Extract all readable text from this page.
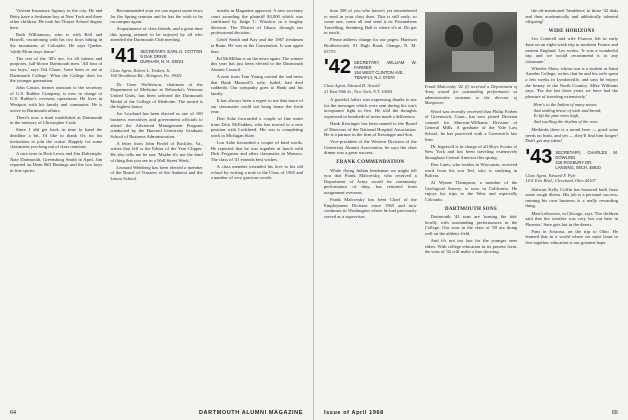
Vincent Insurance Agency in the city. He and Betty have a freshman boy at New York and three other children. He took his Thayer School degree here.

Ruth Williamson, who is with Bell and Howell, vacationing with his two boys hiking in the mountains of Colorado. He says Quebec 'while Mom stays home.'

The rest of the '40's are, for all intents and purposes, full-blown Dartmouth men. 'All four of our boys,' says Ted Chase, 'have been or are at Dartmouth College.' What the College does for the younger generation.

John Cassin, former assistant to the secretary of U.S. Rubber Company, is now in charge of U.S. Rubber's overseas operations. He lives in Westport with his family and commutes. He is active in Dartmouth affairs.

There's now a fund established at Dartmouth in the memory of Christopher Cook.

Since I did get back in time to hand the deadline a bit, I'd like to thank Ox for his invitations to join the cruise. Happily for some classmates you long out of class reunions.

A nice note in Rich Lewis and Jim Dalrymple, Nate Dartmouth, Greensburg Smith in April. Jim reported on Dean Bill Hastings and the two boys in fine spirits.

Recommended your we can expect some news for the Spring reunion and he has the wish to be on campus again.

Acquaintance of class friends, and a great time this spring seemed to be enjoyed by all who attended the Dartmouth Club meeting.

'41 SECRETARY, EARL H. COTTON
9 OAK DRIVE
DURHAM, N. H. 03824
Class Agent, Robert L. Timken, Jr.
160 Woodlawn Rd., Abington, Pa. 19001

Dr. Gene Wolfenson, chairman of the Department of Medicine at Nebraska's Veterans United Units, has been selected the Dartmouth Medal of the College of Medicine. The award is the highest honor.

Joe Lowland has been elected as one of 100 business executives and government officials to attend the Advanced Management Program conducted by the Harvard University Graduate School of Business Administration.

A letter from John Fiedel of Rockley, Va., writes that Jeff is the Editor of the Year Clipper. He also tells me he saw 'Maybe it's not the kind of thing that you see in a Wall Street Week.'

Leonard Weinberg has been elected a member of the Board of Trustees of the Amherst and the Lenox School.

tweaks in Magazine approval. A new secretary court awarding the plaintiff $3,000 which was confirmed by Judge C. Winslow in a lengthy decision. The District of Ithaca, through our professional decision.

Geoff Smith and Kay and the 1967 freshmen at Bonn. He was at the Convention. It was again here.

Ed McMillan is on the news again. The winner this year has just been elected to the Dartmouth Alumni Council.

A note from Tom Young carried the sad news that Hank Manwell's wife, Isabel, had died suddenly. Our sympathy goes to Hank and his family.

It has always been a regret to me that more of our classmates could not bring home the fresh year.

Don Ashe forwarded a couple of fine notes from Dick McFadden, who has moved to a new position with Lockheed. His son is completing work in Michigan State.

Lou Ashe forwarded a couple of kind words. He reported that he was together at lunch with Dick Ferguson and other classmates in Monaco. The class of '41 extends best wishes.

A class member extended his love to his old school by writing a note to the Class of 1965 and a number of very gracious words.

64	DARTMOUTH ALUMNI MAGAZINE

than 300 of you who haven't yet remembered to send in your class dues. This is still early, so come one, come all and send it in. Prometheus Travelling, Steinberg Hall is where it's at. Do get in touch.

Please address change for our pages: Harrison Brotherworth, 91 High Road, Orange, N. M. 03755.

'42 SECRETARY, WILLIAM W. FARMER
194 WEST CLINTON AVE.
TENAFLY, N.J. 07670
Class Agent, Edward H. Arnold
21 East 94th St., New York, N.Y. 10004

A grateful father was expressing thanks to me for the messages which were sent during his son's acceptance fight to live. He told the thoughts expressed in hundreds of notes made a difference.

Hank Kessinger has been named to the Board of Directors of the National Hospital Association. He is a partner in the firm of Kessinger and Son.

Vice-president of the Western Division of the University Alumni Association, he says the class dinner was a great success.

FRANK COMMENDATION

While flying Indian headsman we might tell you that Frank Malcovsky, who received a Department of Army award for community performance of duty, has returned from assignment overseas.

Frank Malcovsky has been Chief of the Employment Division since 1965 and now continues in Washington where he had previously served as a supervisor.

Frank Malcovsky '42 (l) received a Department of Army award for outstanding performance as administrative assistant to the director of Manpower.

Word was recently received that Philip Forbes of Greenwich, Conn., has now joined Division counsel for Sherwin-Williams Division of General Mills. A graduate of the Yale Law School, he has practiced with a Greenwich law firm.

Dr. Ingersoll is in charge of all Boys Scouts of New York and has been traveling extensively throughout Central America this spring.

Don Cates, who resides in Wisconsin, received word from his son Ted, who is studying in Bolivia.

Al Wynne Thompson, a member of the Geological Survey, is now in California. He enjoys his trips to the West and especially Colorado.

DARTMOUTH SONS

Dartmouth '42 sons are 'turning the tide' locally with outstanding performances in the College. Our sons in the class of '69 are doing well on the athletic field.

And it's not too late for the younger ones either. With college education in its present form, the sons of '42 will make a fine showing.

the oft-mentioned 'headdress' to those '42 dads and their academically and athletically talented offspring!

WIDE HORIZONS

Les Cotterell and wife Frances left in early June on an eight-week trip to northern France and eastern England. Les writes: 'It was a wonderful trip and we would recommend it to any classmate.'

Wheeler Shaw, whose son is a student at Saint Anselm College, writes that he and his wife spent a few weeks in Lyndonville, and says he enjoys the beauty of the North Country. Mike Williams says: 'For the last three years we have had the pleasure of traveling extensively.'

Here's to the Indian of many snows
And smiling brave of wide and broad,
To lift the pine trees high,
And swelling the rhythm of the roar.

Methinks there is a moral here — good wine needs no bush, and yet — they'll find him longer! Don't get any ideas!

'43 SECRETARY, CHARLES M. DOWLING
418 ROXBURY DR.
LANSING, MICH. 48910
Class Agent, Edward F. Pyle
1101 Erie Blvd., Cleveland, Ohio 44107

Stalwart Kelly Coffin has bounced back from some rough illness. His job is a personal success; running his own business is a really rewarding thing.

Matt Leibowitz, in Chicago, says 'The children said that the weather was very hot out here in Phoenix.' Sure gets hot in the desert.

Fans in Arizona, on the trip to Ohio. He learned that in a world where we must learn to live together, education is our greatest hope.

Issue of April 1968	65
